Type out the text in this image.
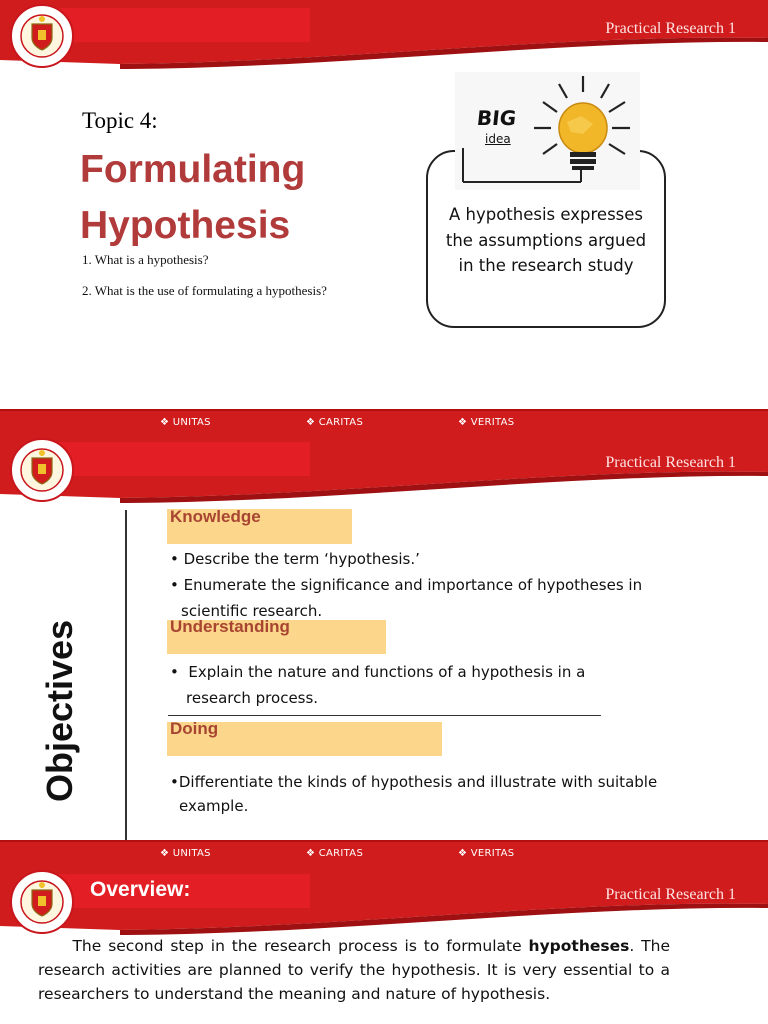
Practical Research 1
Topic 4:
Formulating
Hypothesis
1. What is a hypothesis?
2. What is the use of formulating a hypothesis?
BIG
idea
A hypothesis expresses
the assumptions argued
in the research study
❖ UNITAS	❖ CARITAS	❖ VERITAS
Practical Research 1
Objectives
Knowledge
• Describe the term ‘hypothesis.’
• Enumerate the significance and importance of hypotheses in
scientific research.
Understanding
•  Explain the nature and functions of a hypothesis in a
research process.
Doing
•Differentiate the kinds of hypothesis and illustrate with suitable
example.
❖ UNITAS	❖ CARITAS	❖ VERITAS
Overview:	Practical Research 1
The second step in the research process is to formulate hypotheses. The research activities are planned to verify the hypothesis. It is very essential to a researchers to understand the meaning and nature of hypothesis.
